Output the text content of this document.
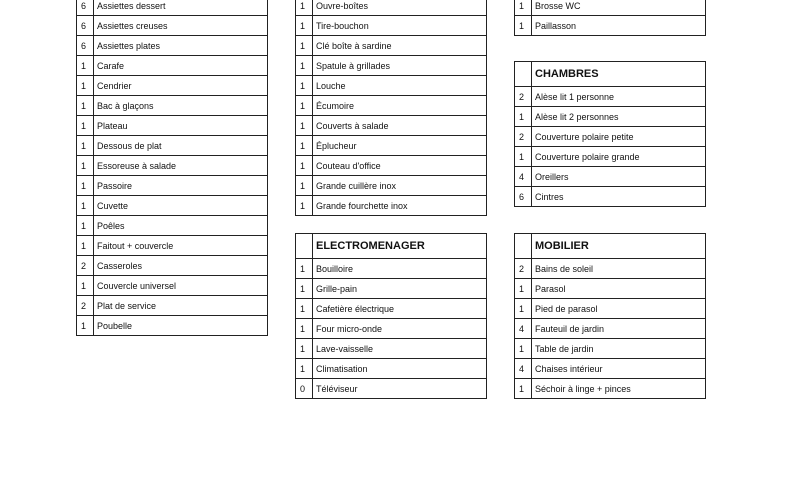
6	Assiettes dessert
6	Assiettes creuses
6	Assiettes plates
1	Carafe
1	Cendrier
1	Bac à glaçons
1	Plateau
1	Dessous de plat
1	Essoreuse à salade
1	Passoire
1	Cuvette
1	Poêles
1	Faitout + couvercle
2	Casseroles
1	Couvercle universel
2	Plat de service
1	Poubelle
1	Ouvre-boîtes
1	Tire-bouchon
1	Clé boîte à sardine
1	Spatule à grillades
1	Louche
1	Écumoire
1	Couverts à salade
1	Éplucheur
1	Couteau d'office
1	Grande cuillère inox
1	Grande fourchette inox
	ELECTROMENAGER
1	Bouilloire
1	Grille-pain
1	Cafetière électrique
1	Four micro-onde
1	Lave-vaisselle
1	Climatisation
0	Téléviseur
1	Brosse WC
1	Paillasson
	CHAMBRES
2	Alèse lit 1 personne
1	Alèse lit 2 personnes
2	Couverture polaire petite
1	Couverture polaire grande
4	Oreillers
6	Cintres
	MOBILIER
2	Bains de soleil
1	Parasol
1	Pied de parasol
4	Fauteuil de jardin
1	Table de jardin
4	Chaises intérieur
1	Séchoir à linge + pinces
